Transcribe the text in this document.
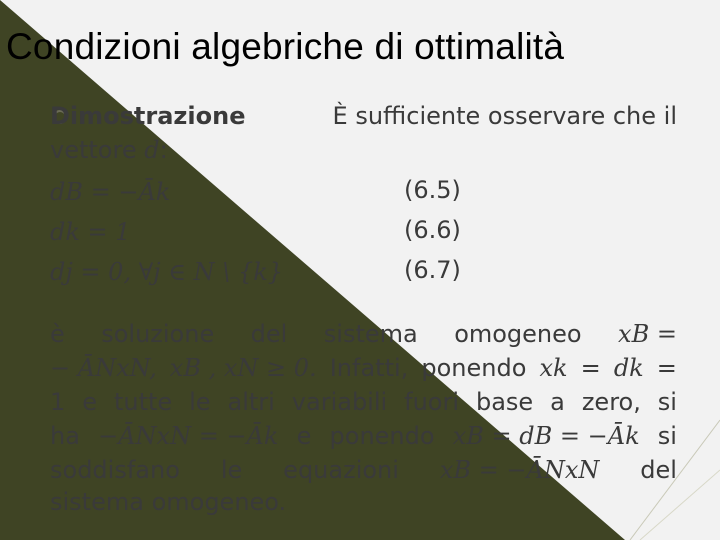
Condizioni algebriche di ottimalità
Dimostrazione	È sufficiente osservare che il
vettore d:
dB = −Āk	(6.5)
dk = 1	(6.6)
dj = 0, ∀j ∈ N \ {k}	(6.7)
è soluzione del sistema omogeneo xB =
− ĀNxN, xB , xN ≥ 0. Infatti, ponendo xk = dk =
1 e tutte le altri variabili fuori base a zero, si
ha −ĀNxN = −Āk e ponendo xB = dB = −Āk si
soddisfano le equazioni xB = −ĀNxN del
sistema omogeneo.
